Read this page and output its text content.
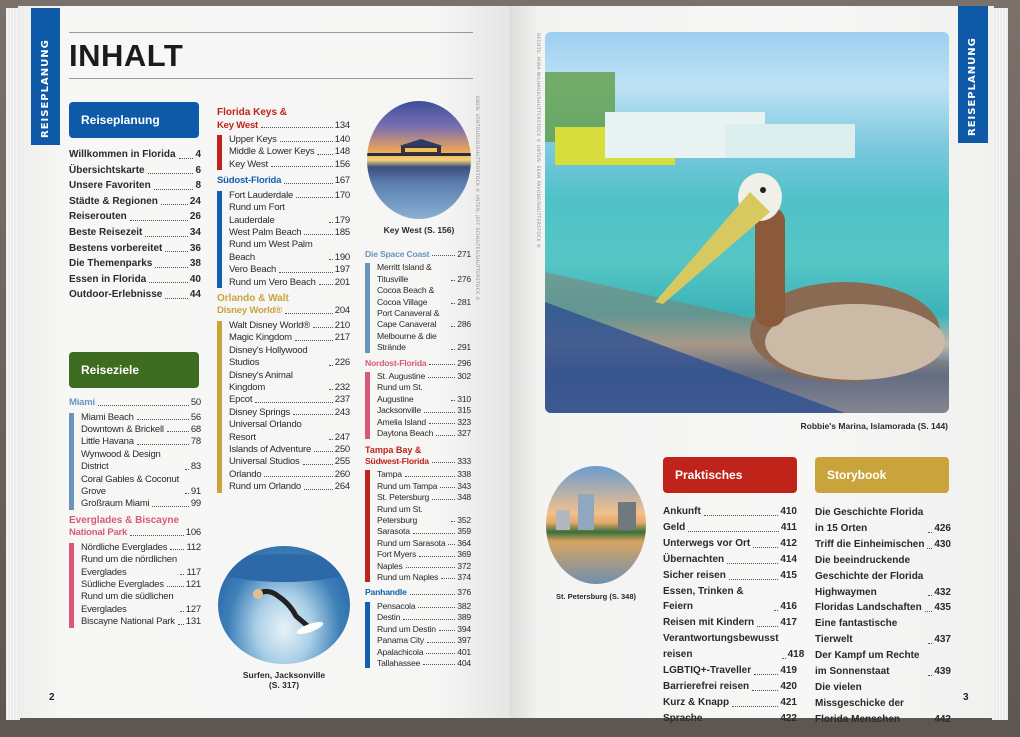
REISEPLANUNG INHALT
Reiseplanung
Willkommen in Florida 4
Übersichtskarte	6
Unsere Favoriten	8
Städte & Regionen	24
Reiserouten	26
Beste Reisezeit	34
Bestens vorbereitet	36
Die Themenparks	38
Essen in Florida	40
Outdoor-Erlebnisse	44
Reiseziele
Miami	50
Miami Beach	56
Downtown & Brickell	68
Little Havana	78
Wynwood & Design District	83
Coral Gables & Coconut Grove	91
Großraum Miami	99
Everglades & Biscayne
National Park	106
Nördliche Everglades 112
Rund um die nördlichen Everglades	117
Südliche Everglades 121
Rund um die südlichen Everglades	127
Biscayne National Park 131
Florida Keys &
Key West	134
Upper Keys	140
Middle & Lower Keys 148
Key West	156
Südost-Florida	167
Fort Lauderdale	170
Rund um Fort Lauderdale	179
West Palm Beach	185
Rund um West Palm Beach	190
Vero Beach	197
Rund um Vero Beach 201
Orlando & Walt
Disney World®	204
Walt Disney World®	210
Magic Kingdom	217
Disney's Hollywood Studios	226
Disney's Animal Kingdom	232
Epcot	237
Disney Springs	243
Universal Orlando Resort	247
Islands of Adventure 250
Universal Studios	255
Orlando	260
Rund um Orlando	264
Die Space Coast	271
Merritt Island & Titusville	276
Cocoa Beach & Cocoa Village	281
Port Canaveral & Cape Canaveral	286
Melbourne & die Strände	291
Nordost-Florida	296
St. Augustine	302
Rund um St. Augustine	310
Jacksonville	315
Amelia Island	323
Daytona Beach	327
Tampa Bay &
Südwest-Florida	333
Tampa	338
Rund um Tampa 343
St. Petersburg	348
Rund um St. Petersburg	352
Sarasota	359
Rund um Sarasota 364
Fort Myers	369
Naples	372
Rund um Naples 374
Panhandle	376
Pensacola	382
Destin	389
Rund um Destin 394
Panama City	397
Apalachicola	401
Tallahassee	404
Key West (S. 156)
Surfen, Jacksonville
(S. 317)
OBEN: VENTDUSUD/SHUTTERSTOCK © UNTEN: JEFF SCHULTES/SHUTTERSTOCK ©
2
RECHTS: IRINA WILHAUK/SHUTTERSTOCK © UNTEN: SEAN PAVONE/SHUTTERSTOCK ©
Robbie's Marina, Islamorada (S. 144)
St. Petersburg (S. 348)
Praktisches
Ankunft	410
Geld	411
Unterwegs vor Ort	412
Übernachten	414
Sicher reisen	415
Essen, Trinken & Feiern	416
Reisen mit Kindern	417
Verantwortungsbewusst reisen	418
LGBTIQ+-Traveller	419
Barrierefrei reisen	420
Kurz & Knapp	421
Sprache	422
Storybook
Die Geschichte Florida in 15 Orten	426
Triff die Einheimischen 430
Die beeindruckende Geschichte der Florida Highwaymen	432
Floridas Landschaften 435
Eine fantastische Tierwelt	437
Der Kampf um Rechte im Sonnenstaat	439
Die vielen Missgeschicke der Florida Menschen	442
REISEPLANUNG
3
